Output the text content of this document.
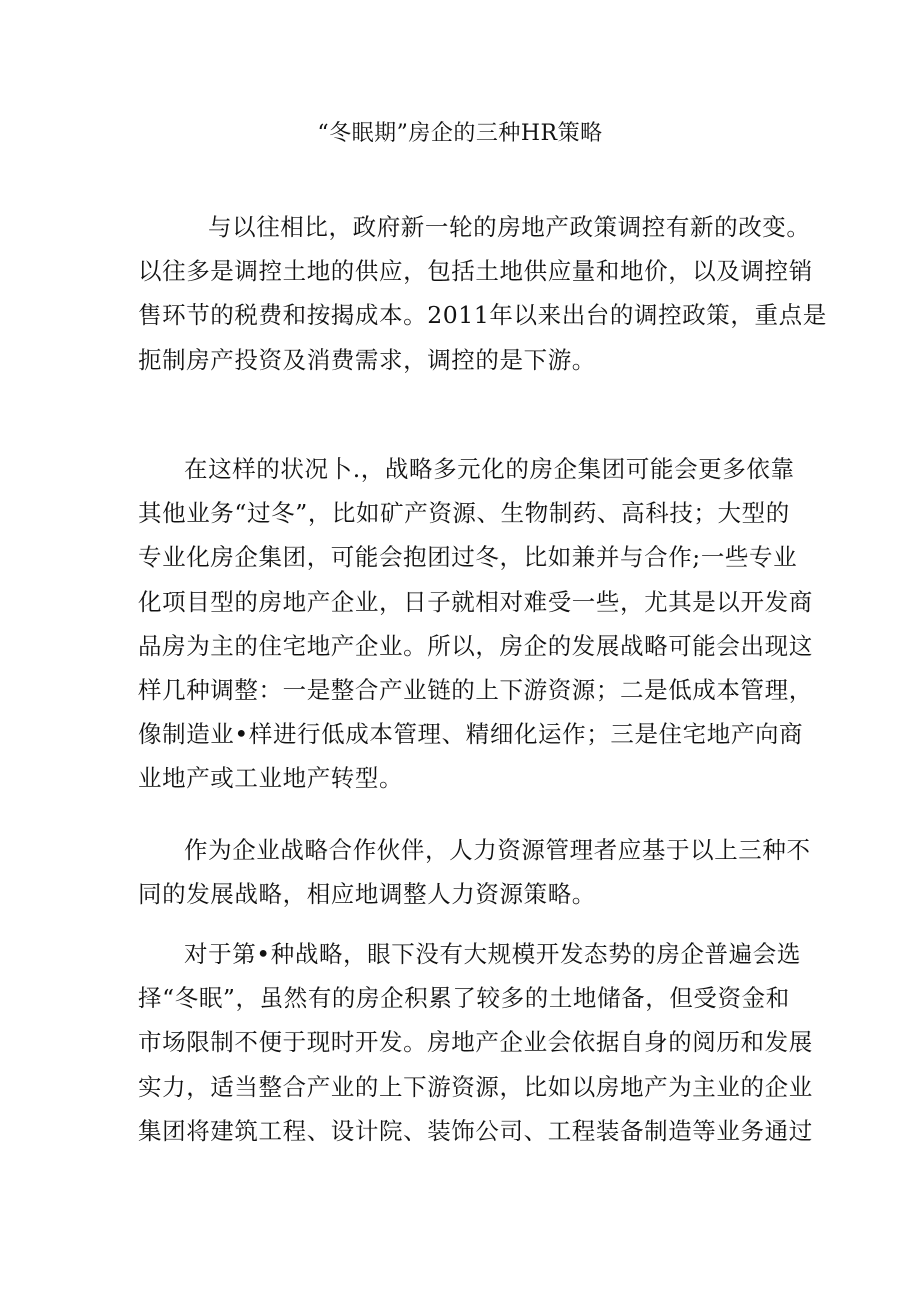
“冬眠期”房企的三种HR策略
与以往相比，政府新一轮的房地产政策调控有新的改变。
以往多是调控土地的供应，包括土地供应量和地价，以及调控销
售环节的税费和按揭成本。2011年以来出台的调控政策，重点是
扼制房产投资及消费需求，调控的是下游。
在这样的状况卜.，战略多元化的房企集团可能会更多依靠
其他业务“过冬”，比如矿产资源、生物制药、高科技；大型的
专业化房企集团，可能会抱团过冬，比如兼并与合作;一些专业
化项目型的房地产企业，日子就相对难受一些，尤其是以开发商
品房为主的住宅地产企业。所以，房企的发展战略可能会出现这
样几种调整：一是整合产业链的上下游资源；二是低成本管理，
像制造业•样进行低成本管理、精细化运作；三是住宅地产向商
业地产或工业地产转型。
作为企业战略合作伙伴，人力资源管理者应基于以上三种不
同的发展战略，相应地调整人力资源策略。
对于第•种战略，眼下没有大规模开发态势的房企普遍会选
择“冬眠”，虽然有的房企积累了较多的土地储备，但受资金和
市场限制不便于现时开发。房地产企业会依据自身的阅历和发展
实力，适当整合产业的上下游资源，比如以房地产为主业的企业
集团将建筑工程、设计院、装饰公司、工程装备制造等业务通过
